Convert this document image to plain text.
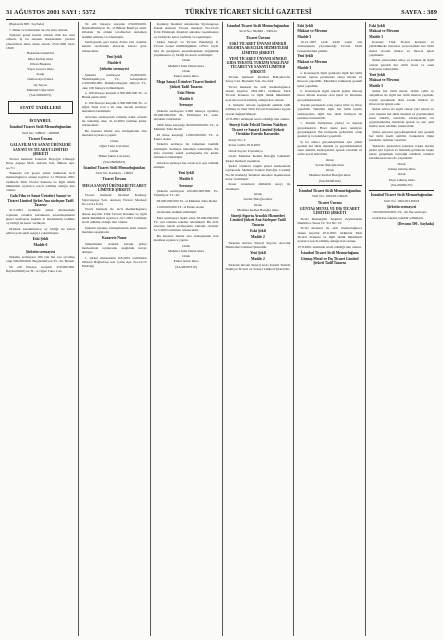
31 AĞUSTOS 2001 SAYI : 5372	TÜRKİYE TİCARET SİCİLİ GAZETESİ	SAYFA : 389
(Baştarafı 388 . Sayfada)
7. Dilek ve temenniler de söz alan olmadı.
Toplantı genel kurula olmadı tüm üst olan olmadı. İş bu tutanak maddesinde yazılan yöneticileri imza altına alındı. 25.6.1996 Saat: 18.00
Bakanlık temsilcisi
Diler Keltan imza
Divan Başkanı
Yaşar Gencer imza
Katip
Osman Aycil imza
Oy Sayıcı
Mahmut Uğur imza
(SA/28299075)
STATÜ TADİLLERİ
İSTANBUL
İstanbul Ticaret Sicili Memurluğundan
Sicil No: 348647 - 268828
Ticaret Ünvanı
GALA FİLM VE SANAT ÜRÜNLERİ SANAYİ VE TİCARET LİMİTED ŞİRKETİ
Ticaret merkezi: İstanbul Beyoğlu Cihangir Köşe Alpaşa Mah. Aslanlı Sok. Bülent Apt. no.7/1
Yukarıda adı geçen şirket hakkında sicil memurluğunca alınan kayıtlar 21 Haziran 2001 tarihinde Türk Ticaret Kanunu ve ilgili tüzük hükümleri uyarınca tescil edilmiş olduğu ilan olunur.
Gala Film ve Sanat Ürünleri Sanayi ve Ticaret Limited Şirket Ana sözleşme Tadil Tasarısı
31.5.2001 tarihinde şirket merkezinde toplanan ortaklar kurulunun anasözleşmenin şirket sermayesi başlıklı 6. maddesinin tadiline oy birliği ile karar vermiştir.
Ortaklar kurulumuzca oy birliği ile kabul edilen yeni şekli aşağıya çıkarılmıştır.
Eski Şekli
Madde 6
Şirketin sermayesi
Şirketin sermayesi 100 yüz bin eve ayrılmış olup 500.000.000. Beşyüzmilyon TL. dır. Bunun
50 elli hisseye karşılık 250.000.000. İkiyüzellimilyon TL. si Oğuz Tuna Can,
50 elli hisseye karşılık 250.000.000. İkiyüzellimilyon TL. si Bülent Benli'ye aittir. Ortaklar ile eldeki taraflardan tamamen taahhüt edilmiş ve ödenmiştir.
Sermayenin geri kalan dörtte biri ortaklar kurulu tarafından alınacak karara göre ödenecektir.
Yeni Şekli
Madde 6
Şirketin sermayesi
Şirketin sermayesi 25.000.000. Yirmibeşmilyon TL. kuruşluktan 2.500.000.000. İkimilyarbeşyüz milyon TL. olup 100 hisseye bölünmüştür.
a. 100 hisseye karşılık 2.500.000.000 TL. si Haluk şahin aittir.
b. 100 hisseye karşılık 2.500.000.000 TL. si Oğuz Tuna Can a ait olup önceki sermaye tamamen ödenmiştir.
Artırılan sermayenin tamamı nakit artırım ile ödenmiş olup 31.12.2002 tarihine kadar ödenecektir.
Bu hususta ilmini ana sözleşmenin dan maddesi uyarınca yapılır.
Ortak
Oğuz Tuna Can imza
Ortak
Haluk Şahin Can imza
(SA/28290615)
İstanbul Ticaret Sicili Memurluğundan
Sicil No: Kadıköy - 10093
Ticaret Ünvanı
MEGA SANAYİ ÜRÜNLERİ TİCARET LİMİTED ŞİRKETİ
Ticaret merkezi: İstanbul Kadıköy Siyavuşpaşa Sok. Anılsen Ticaret Merkezi No.12/24 Ü.64
Ticari merkezi ile sicil memurluğunca alınan kayıtlar Türk Ticaret Kanunu ve ilgili tüzük hükümleri uyarınca 10.7.2001 tarihinde tescil edilmiş olduğu ilan olunur.
Şirketin kuruluş sözleşmesinin tadil olunan maddesi aşağıdadır.
Karaerte Name
Şirketimizin ortaklar kurulu şirket merkezinde toplanarak aşağıdaki kararı almıştır.
1. Şirket merkezinin 8.8.2001 tarihinden itibaren Bağlarbaşı sok. Çetin Apt. No:14/15 Emirdağ
Kadıköy İstanbul adresinden Siyavuşpaşa Sokak Anılsen Ticaret merkezi No:12/24 Ü.64 Emintaşlı İstanbul adresine taşınmasına oy birliği ile karar verilmiş ve taşınmıştır.
Şirket Sanayi ve Ticaret Bakanlığı İç Ticaret Genel müdürlüğünün 1976/1 sayılı izni ile gereğince anasözleşmede değişiklik yapılmasına oy birliği ile karar verilmiştir.
Ortak
Mehmet Taha Deniz imza
Ortak
Ender Aslan imza
Mega Sanayi Ürünleri Ticaret limited Şirketi Tadil Tasarısı
Eski Metin
Madde 6
Sermaye
Şirketin sermayesi 2.000 hisseye ayrılmış 50.000.000.000. TL. Ellimilyar TL. sıdır. Ortaklar tarafından:
1960 hisse karşılığı 49.000.000.000. TL. si Mehmet Taha Deniz
40 hisse karşılığı 1.000.000.000. TL. si Ender Aslan
Şirketin sermaye ile tamamen taahhüt edilmiştir. Sermaye tamamen ödenmiştir. Bu defa artırılan nakdi sermayenin bir kısmı tamamen ödenmiştir.
Artırılan sermaye her ortak ayrı ayrı taahhüt etmiştir.
Yeni Şekli
Madde 6
Sermaye
Şirketin sermayesi 100.000.000.000. TL. Yüzmilyar TL. dir.
99.000.000.000 TL. si Mehmet Taha Deniz
1.000.000.000 TL. si Ender Aslan
tarafından taahhüt edilmiştir.
Eski sermayeyi teşkil eden 50.000.000.000 TL. nın tamamı nakden ödenmiştir. Bu defa artırılan nakdi sermayenin tamamı ortaklar 31.5.2003 tarihinde ödenecektir.
Bu hususta ilanlar ana sözleşmenin ilan maddesi uyarınca yapılır.
Ortak
Mehmet Taha Deniz imza
Ortak
Ender Aslan imza
(SA/28287310)
İstanbul Ticaret Sicili Memurluğundan
Sicil No: 382962 - 330544
Ticaret Ünvanı
ESKİ TİCARET ÜNVANI SİNERJİ SİGORTA ARACILIK HİZMETLERİ LİMİTED ŞİRKETİ
YENİ TİCARET ÜNVANI SİNERJİ GIDA TEKSTİL TURİZM NAKLİYAT TİCARET VE SANAYİ LİMİTED ŞİRKETİ
Ticaret merkezi: İstanbul Bahçelievler Saray Cad. Bestekâr Sok. No.24/4
Ticari merkezi ile sicil memurluğunca alınan kayıtlar 28.6.2001 tarihinde Türk Ticaret Kanunu ve ilgili tüzük hükümleri uyarınca tescil edilmiş olduğu ilan olunur.
2. Şirketin unvanı aşağıdaki şekilde tadil edilmiş ve Yeni Türk Ticaret Kanununa uygun olarak değiştirilmiştir.
27.8.2001 tarihinde tescil edildiği ilan olunur.
Sinerji Gıda Tekstil Turizm Nakliyat Ticaret ve Sanayi Limited Şirketi Ortaklar Kurulu Kararıdır.
Karar No: 4
Karar tarihi: 20.8.2001
Ortak Sayısı: Toplantıya
ortak: Mehmet Kemal Baloğlu Gündem: Şirket merkezi taşınması
Şirket ortakları bugün şirket merkezinde toplanarak Mehmet Kemal Baloğlu Caddesi No.56 Kadıköy İstanbul adresine taşınmasına karar verilmiştir.
Karar ortakların mühürlü onayı ile alınmıştır.
Ortak
Serdar Baloğlu imza
Ortak
Mehmet Kemal Baloğlu imza
Sinerji Sigorta Aracılık Hizmetleri Limited Şirketi Ana Sözleşme Tadil Tasarısı
Eski Şekli
Madde 2
Şirketin ünvanı Sinerji Sigorta Aracılık Hizmetleri Limited Şirketidir.
Yeni Şekli
Madde 2
Şirketin ünvanı Sinerji Gıda Tekstil Turizm Nakliyat Ticaret ve Sanayi Limited Şirketi'dir.
Eski Şekli
Maksat ve Mevzuu
Madde 3
10.12.1997 tarih 4440 sayılı ana sözleşmenin yayınlandığı Ticaret Sicili Gazetesindeki gibidir.
Yeni Şekli
Maksat ve Mevzuu
Madde 3
a. Konusuyla ilgili gıdalarla ilgili her türlü imalat toptan perakende satışı ithalat ve ihracatı yapabilir. Maddeler hakkında gerekli işleri yapabilir.
b. Konusuyla ilgili tekstil giyim trikotaj fason imalat konusu olan işleri ve imalatını gerçekleştirebilir.
Toptan perakende satış yapar ithal ve ihraç yapabilir. Tekstille ilgili her türlü işlerin sermayesine ilgili her türlü faaliyeti ile iştirakte bulunabilir.
c. Turizm faaliyetine yurtiçi ve dışında gerçekleştirir. Hava deniz kara nakliyatı gerçekleştirir. Bu faaliyetle geliştirilir ortak gerekli iş ve işlemleri yapabilir.
İş bu amacı gerçekleştirmek için şirket gerekli her türlü menkul ve gayrimenkulleri satın alabilir, kiralayabilir, ipotek verebilir ve sicile tescil ettirebilir.
Ortak
Serdar Baloğlu imza
Ortak
Mehmet Kemal Baloğlu imza
(SA/28296104)
İstanbul Ticaret Sicili Memurluğundan
Sicil No: 189128-136643
Ticaret Ünvanı
GÜNTAŞ METAL VE DIŞ TİCARET LİMİTED ŞİRKETİ
Ticari İkametgâh: İstanbul Zeytinburnu Demirlice Sitesi 10. Yol No: 16
Ticari merkezi ile sicil memurluğunca alınan kayıtlar 25.6.2001 tarihinde Türk Ticaret Kanunu ve ilgili tüzük hükümleri uyarınca tescil edilmiş olduğu ilan olunur.
27.8.2001 tarihinde tescil edildiği ilan olunur.
İstanbul Ticaret Sicili Memurluğuna
Güntaş Metal ve Dış Ticaret Limited Şirketi Tadil Tasarısı
Eski Şekli
Maksat ve Mevzuu
Madde 3
Konusu: Türk Ticaret Kanunu ve yürürlükteki mevzuat çerçevesinde her türlü metal ticareti ithalat ve ihracat işleri yapmaktır.
Şirket yukarıdaki amaç ve konusu ile ilgili olarak gerekli her türlü ticari ve sınai faaliyette bulunabilir.
Yeni Şekli
Maksat ve Mevzuu
Madde 3
Şirket her türlü metal, demir çelik ve alaşımları ile ilgili her türlü imalatı yapmak, toptan perakende alım satımı ithalatı ve ihracatı ile iştigal eder.
Şirket amacı ile ilgili olarak yurt içinde ve yurt dışında her türlü menkul ve gayrimenkul satın alabilir, satabilir, kiralayabilir, bu gayrimenkuller üzerinde ipotek ve sair ayni haklar tesis edebilir, kaldırabilir.
Şirket amacını gerçekleştirmek için gerekli her türlü kredi alabilir, bankalarla ilişki kurabilir, teminat verebilir.
Yukarıda gösterilen işlerden başka ileride şirket için faydalı ve lüzumlu görülecek başka işlere girişilmek istendiği takdirde ortaklar kurulunun kararı ile yapılabilir.
Ortak
Adnan Güntaş imza
Ortak
Yaşar Güntaş imza
(SA/28296107)
İstanbul Ticaret Sicili Memurluğundan
Sicil No: 189128/136643
Şirketin sermayesi
120.000.000.000.-TL. dir. Bu sermaye:
tarafından nakden taahhüt edilmiştir.
(Devamı 390 . Sayfada)
